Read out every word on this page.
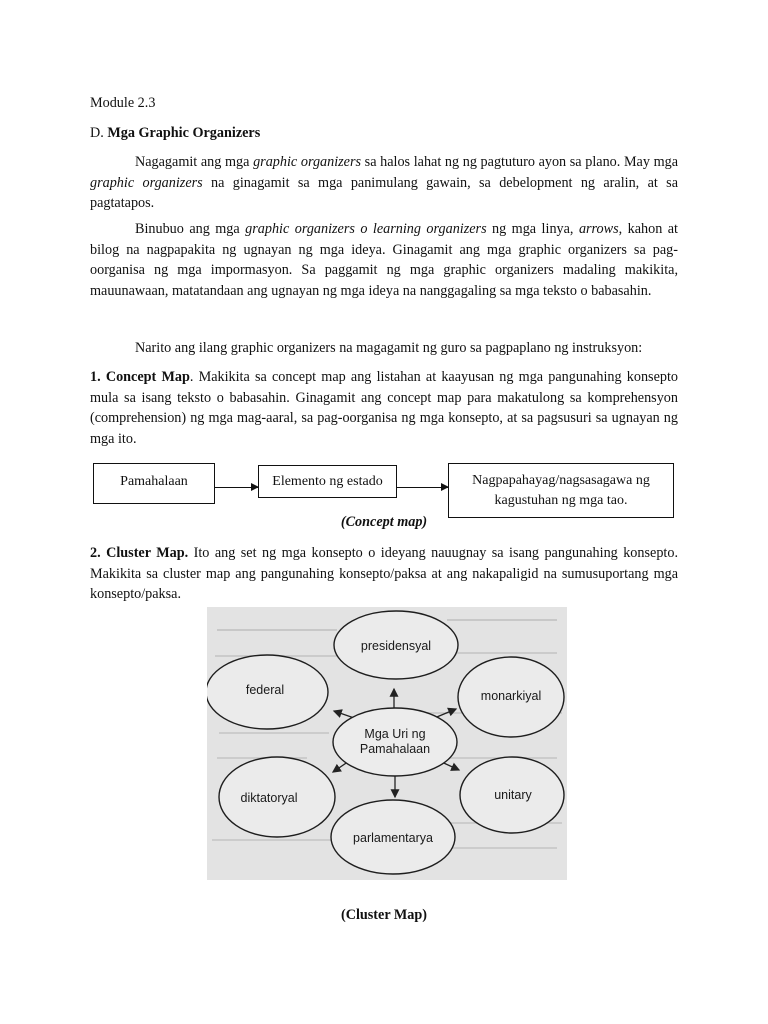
Module 2.3

D. Mga Graphic Organizers

Nagagamit ang mga graphic organizers sa halos lahat ng ng pagtuturo ayon sa plano. May mga graphic organizers na ginagamit sa mga panimulang gawain, sa debelopment ng aralin, at sa pagtatapos.

Binubuo ang mga graphic organizers o learning organizers ng mga linya, arrows, kahon at bilog na nagpapakita ng ugnayan ng mga ideya. Ginagamit ang mga graphic organizers sa pag-oorganisa ng mga impormasyon. Sa paggamit ng mga graphic organizers madaling makikita, mauunawaan, matatandaan ang ugnayan ng mga ideya na nanggagaling sa mga teksto o babasahin.

Narito ang ilang graphic organizers na magagamit ng guro sa pagpaplano ng instruksyon:

1. Concept Map. Makikita sa concept map ang listahan at kaayusan ng mga pangunahing konsepto mula sa isang teksto o babasahin. Ginagamit ang concept map para makatulong sa komprehensyon (comprehension) ng mga mag-aaral, sa pag-oorganisa ng mga konsepto, at sa pagsusuri sa ugnayan ng mga ito.

Pamahalaan	Elemento ng estado	Nagpapahayag/nagsasagawa ng kagustuhan ng mga tao.
(Concept map)

2. Cluster Map. Ito ang set ng mga konsepto o ideyang nauugnay sa isang pangunahing konsepto. Makikita sa cluster map ang pangunahing konsepto/paksa at ang nakapaligid na sumusuportang mga konsepto/paksa.

Mga Uri ng
Pamahalaan
presidensyal
federal	monarkiyal
diktatoryal	unitary
parlamentarya
(Cluster Map)
